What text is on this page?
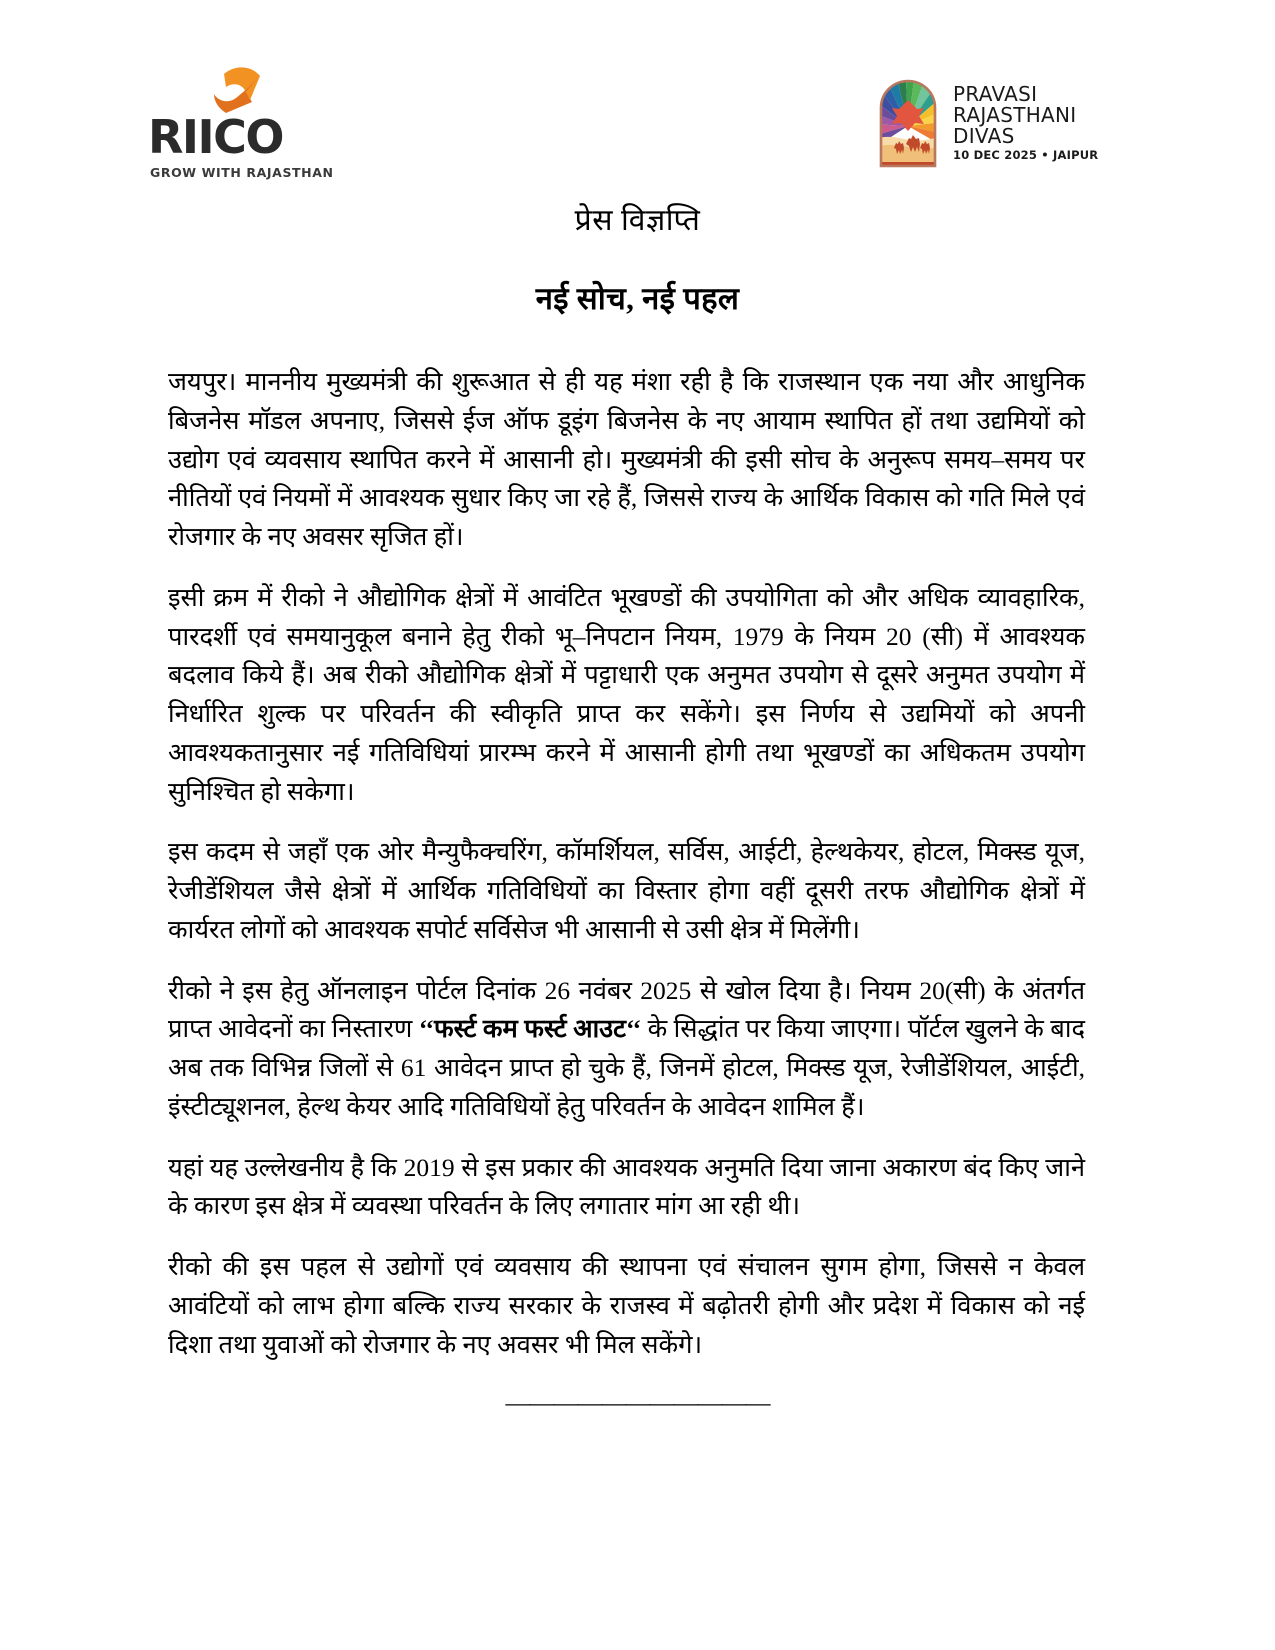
RIICO
GROW WITH RAJASTHAN
PRAVASI
RAJASTHANI
DIVAS
10 DEC 2025 • JAIPUR
प्रेस विज्ञप्ति
नई सोच, नई पहल

जयपुर। माननीय मुख्यमंत्री की शुरूआत से ही यह मंशा रही है कि राजस्थान एक नया और आधुनिक बिजनेस मॉडल अपनाए, जिससे ईज ऑफ डूइंग बिजनेस के नए आयाम स्थापित हों तथा उद्यमियों को उद्योग एवं व्यवसाय स्थापित करने में आसानी हो। मुख्यमंत्री की इसी सोच के अनुरूप समय–समय पर नीतियों एवं नियमों में आवश्यक सुधार किए जा रहे हैं, जिससे राज्य के आर्थिक विकास को गति मिले एवं रोजगार के नए अवसर सृजित हों।

इसी क्रम में रीको ने औद्योगिक क्षेत्रों में आवंटित भूखण्डों की उपयोगिता को और अधिक व्यावहारिक, पारदर्शी एवं समयानुकूल बनाने हेतु रीको भू–निपटान नियम, 1979 के नियम 20 (सी) में आवश्यक बदलाव किये हैं। अब रीको औद्योगिक क्षेत्रों में पट्टाधारी एक अनुमत उपयोग से दूसरे अनुमत उपयोग में निर्धारित शुल्क पर परिवर्तन की स्वीकृति प्राप्त कर सकेंगे। इस निर्णय से उद्यमियों को अपनी आवश्यकतानुसार नई गतिविधियां प्रारम्भ करने में आसानी होगी तथा भूखण्डों का अधिकतम उपयोग सुनिश्चित हो सकेगा।

इस कदम से जहाँ एक ओर मैन्युफैक्चरिंग, कॉमर्शियल, सर्विस, आईटी, हेल्थकेयर, होटल, मिक्स्ड यूज, रेजीडेंशियल जैसे क्षेत्रों में आर्थिक गतिविधियों का विस्तार होगा वहीं दूसरी तरफ औद्योगिक क्षेत्रों में कार्यरत लोगों को आवश्यक सपोर्ट सर्विसेज भी आसानी से उसी क्षेत्र में मिलेंगी।

रीको ने इस हेतु ऑनलाइन पोर्टल दिनांक 26 नवंबर 2025 से खोल दिया है। नियम 20(सी) के अंतर्गत प्राप्त आवेदनों का निस्तारण ‘‘फर्स्ट कम फर्स्ट आउट‘‘ के सिद्धांत पर किया जाएगा। पॉर्टल खुलने के बाद अब तक विभिन्न जिलों से 61 आवेदन प्राप्त हो चुके हैं, जिनमें होटल, मिक्स्ड यूज, रेजीडेंशियल, आईटी, इंस्टीट्यूशनल, हेल्थ केयर आदि गतिविधियों हेतु परिवर्तन के आवेदन शामिल हैं।

यहां यह उल्लेखनीय है कि 2019 से इस प्रकार की आवश्यक अनुमति दिया जाना अकारण बंद किए जाने के कारण इस क्षेत्र में व्यवस्था परिवर्तन के लिए लगातार मांग आ रही थी।

रीको की इस पहल से उद्योगों एवं व्यवसाय की स्थापना एवं संचालन सुगम होगा, जिससे न केवल आवंटियों को लाभ होगा बल्कि राज्य सरकार के राजस्व में बढ़ोतरी होगी और प्रदेश में विकास को नई दिशा तथा युवाओं को रोजगार के नए अवसर भी मिल सकेंगे।

———————————
